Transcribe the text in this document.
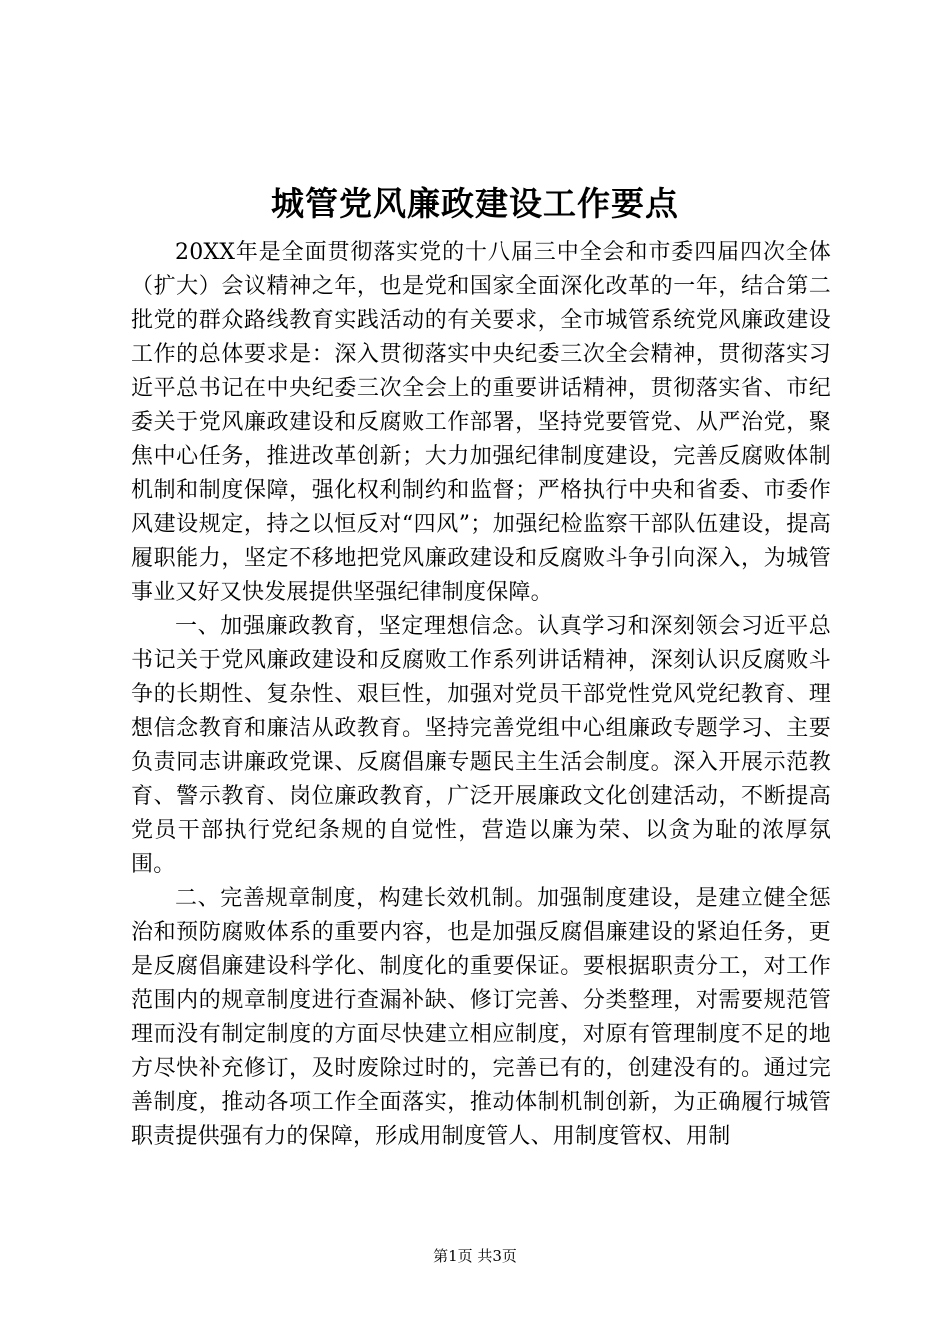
城管党风廉政建设工作要点

20XX年是全面贯彻落实党的十八届三中全会和市委四届四次全体（扩大）会议精神之年，也是党和国家全面深化改革的一年，结合第二批党的群众路线教育实践活动的有关要求，全市城管系统党风廉政建设工作的总体要求是：深入贯彻落实中央纪委三次全会精神，贯彻落实习近平总书记在中央纪委三次全会上的重要讲话精神，贯彻落实省、市纪委关于党风廉政建设和反腐败工作部署，坚持党要管党、从严治党，聚焦中心任务，推进改革创新；大力加强纪律制度建设，完善反腐败体制机制和制度保障，强化权利制约和监督；严格执行中央和省委、市委作风建设规定，持之以恒反对“四风”；加强纪检监察干部队伍建设，提高履职能力，坚定不移地把党风廉政建设和反腐败斗争引向深入，为城管事业又好又快发展提供坚强纪律制度保障。

一、加强廉政教育，坚定理想信念。认真学习和深刻领会习近平总书记关于党风廉政建设和反腐败工作系列讲话精神，深刻认识反腐败斗争的长期性、复杂性、艰巨性，加强对党员干部党性党风党纪教育、理想信念教育和廉洁从政教育。坚持完善党组中心组廉政专题学习、主要负责同志讲廉政党课、反腐倡廉专题民主生活会制度。深入开展示范教育、警示教育、岗位廉政教育，广泛开展廉政文化创建活动，不断提高党员干部执行党纪条规的自觉性，营造以廉为荣、以贪为耻的浓厚氛围。

二、完善规章制度，构建长效机制。加强制度建设，是建立健全惩治和预防腐败体系的重要内容，也是加强反腐倡廉建设的紧迫任务，更是反腐倡廉建设科学化、制度化的重要保证。要根据职责分工，对工作范围内的规章制度进行查漏补缺、修订完善、分类整理，对需要规范管理而没有制定制度的方面尽快建立相应制度，对原有管理制度不足的地方尽快补充修订，及时废除过时的，完善已有的，创建没有的。通过完善制度，推动各项工作全面落实，推动体制机制创新，为正确履行城管职责提供强有力的保障，形成用制度管人、用制度管权、用制

第1页 共3页
